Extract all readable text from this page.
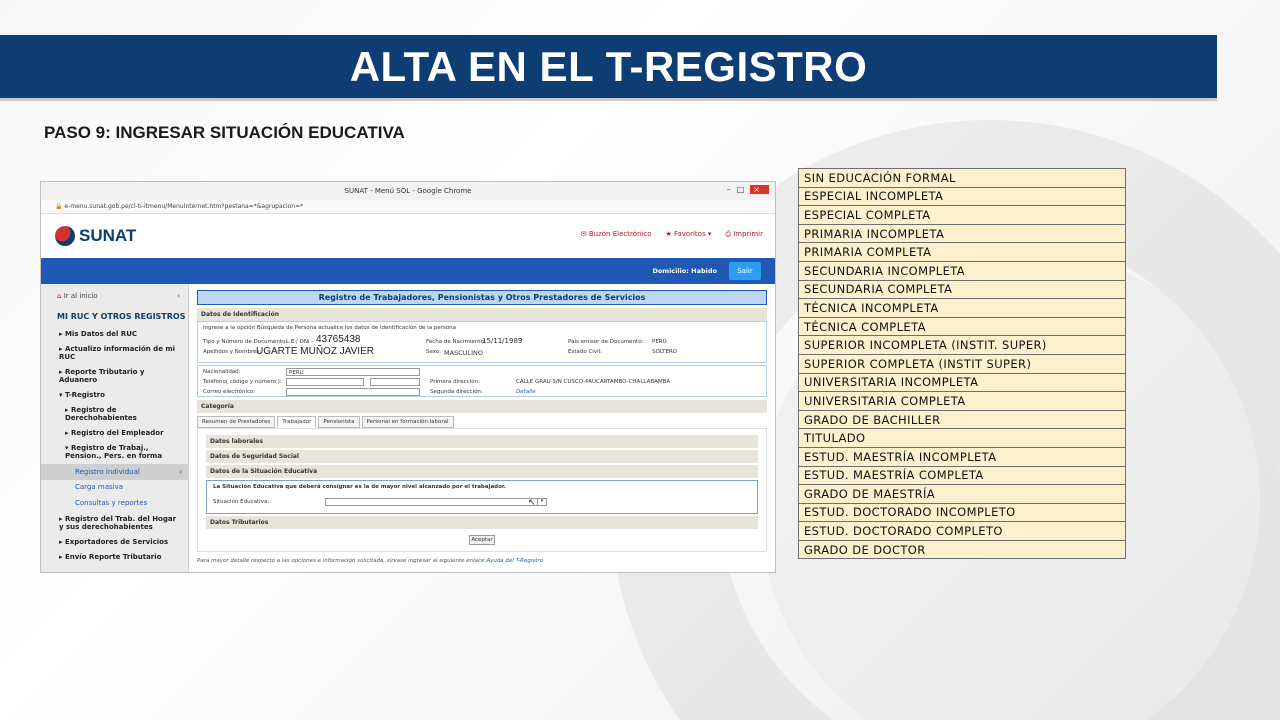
ALTA EN EL T-REGISTRO
PASO 9: INGRESAR SITUACIÓN EDUCATIVA
SUNAT - Menú SOL - Google Chrome	–□ ×
🔒 e-menu.sunat.gob.pe/cl-ti-itmenu/MenuInternet.htm?pestana=*&agrupacion=*
SUNAT	✉ Buzón Electrónico ★ Favoritos ▾ ⎙ Imprimir
Domicilio: Habido	Salir
⌂ Ir al inicio	‹
MI RUC Y OTROS REGISTROS
▸ Mis Datos del RUC
▸ Actualizo información de mi RUC
▸ Reporte Tributario y Aduanero
▾ T-Registro
▸ Registro de Derechohabientes
▸ Registro del Empleador
▾ Registro de Trabaj., Pension., Pers. en forma
Registro individual	›
Carga masiva
Consultas y reportes
▸ Registro del Trab. del Hogar y sus derechohabientes
▸ Exportadores de Servicios
▸ Envío Reporte Tributario
Registro de Trabajadores, Pensionistas y Otros Prestadores de Servicios
Datos de Identificación
Ingrese a la opción Búsqueda de Persona actualice los datos de identificación de la persona
Tipo y Número de Documento:
L.E / DNI - 43765438
Apellidos y Nombres:
UGARTE MUÑOZ JAVIER
Fecha de Nacimiento:
15/11/1989
Sexo: MASCULINO
País emisor de Documento: PERÚ
Estado Civil:	SOLTERO
Nacionalidad:	PERU
Teléfono( código y número ):
Correo electrónico:
Primera dirección:	CALLE GRAU S/N CUSCO-PAUCARTAMBO-CHALLABAMBA
Segunda dirección:	Detalle
Categoría
Resumen de Prestadores	Trabajador	Pensionista	Personal en formación laboral
Datos laborales
Datos de Seguridad Social
Datos de la Situación Educativa
La Situación Educativa que deberá consignar es la de mayor nivel alcanzado por el trabajador.
Situación Educativa:	▾
Datos Tributarios
Aceptar
Para mayor detalle respecto a las opciones e información solicitada, sírvase ingresar al siguiente enlace:Ayuda del T-Registro
↖
SIN EDUCACIÓN FORMAL
ESPECIAL INCOMPLETA
ESPECIAL COMPLETA
PRIMARIA INCOMPLETA
PRIMARIA COMPLETA
SECUNDARIA INCOMPLETA
SECUNDARIA COMPLETA
TÉCNICA INCOMPLETA
TÉCNICA COMPLETA
SUPERIOR INCOMPLETA (INSTIT. SUPER)
SUPERIOR COMPLETA (INSTIT SUPER)
UNIVERSITARIA INCOMPLETA
UNIVERSITARIA COMPLETA
GRADO DE BACHILLER
TITULADO
ESTUD. MAESTRÍA INCOMPLETA
ESTUD. MAESTRÍA COMPLETA
GRADO DE MAESTRÍA
ESTUD. DOCTORADO INCOMPLETO
ESTUD. DOCTORADO COMPLETO
GRADO DE DOCTOR
